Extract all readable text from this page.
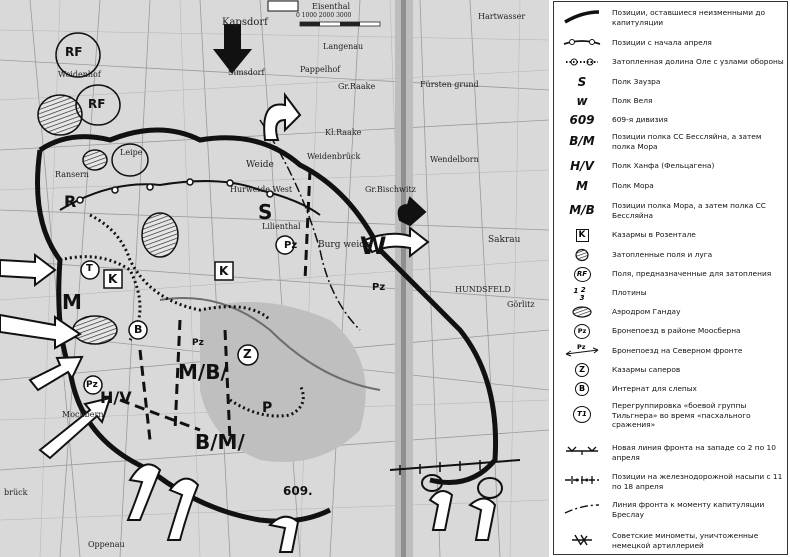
Kapsdorf
Langenau
Simsdorf
Weidenhof
Leipe
Ransern
Weide
Weidenbrück
Hurweide West
Lilienthal
Burg weide
Gr.Raake
Kl.Raake
Gr.Bischwitz
Pappelhof
Sakrau
Wendelborn
HUNDSFELD
Görlitz
Oppenau
Mochbern
brück
Eisenthal
Hartwasser
Fürsten grund
0 1000 2000 3000
RF
RF
R	S
W
M
M/B/
H/V
B/M/
609.
Pz
Pz
Pz
Pz
K
K
B
Z
T
P
Позиции, оставшиеся неизменными до капитуляции
Позиции с начала апреля
Затопленная долина Оле с узлами обороны
S	Полк Заузра
w	Полк Веля
609 609-я дивизия
B/M Позиции полка СС Бессляйна, а затем полка Мора
H/V Полк Ханфа (Фельцагена)
M	Полк Мора
M/B Позиции полка Мора, а затем полка СС Бессляйна
K	Казармы в Розентале
Затопленные поля и луга
RF	Поля, предназначенные для затопления
1
2
3
Плотины
Аэродром Гандау
Pz	Бронепоезд в районе Моосберна
Pz	Бронепоезд на Северном фронте
Z	Казармы саперов
B	Интернат для слепых
T1
Перегруппировка «боевой группы Тильгнера» во время «пасхального сражения»
Новая линия фронта на западе со 2 по 10 апреля
Позиции на железнодорожной насыпи с 11 по 18 апреля
Линия фронта к моменту капитуляции Бреслау
Советские минометы, уничтоженные немецкой артиллерией
